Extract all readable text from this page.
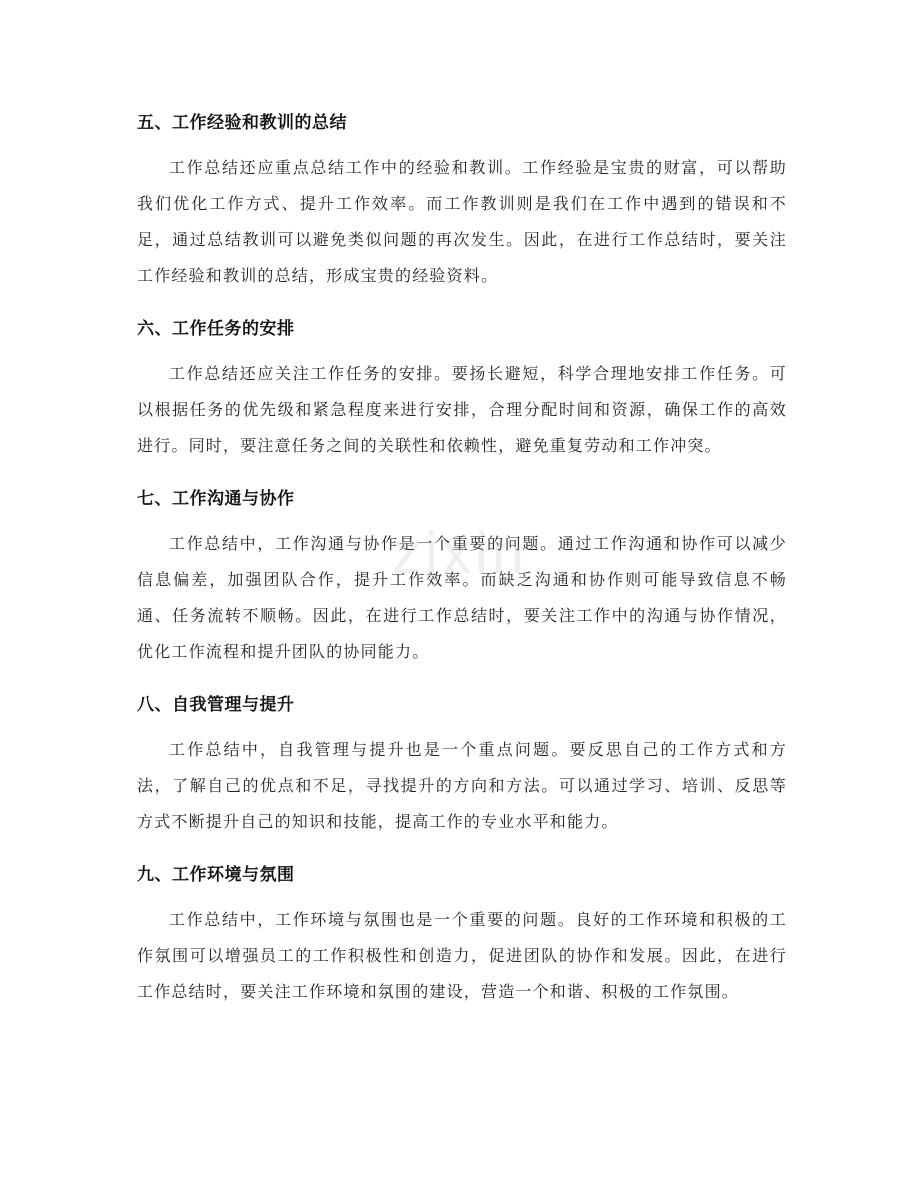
五、工作经验和教训的总结

工作总结还应重点总结工作中的经验和教训。工作经验是宝贵的财富，可以帮助我们优化工作方式、提升工作效率。而工作教训则是我们在工作中遇到的错误和不足，通过总结教训可以避免类似问题的再次发生。因此，在进行工作总结时，要关注工作经验和教训的总结，形成宝贵的经验资料。

六、工作任务的安排

工作总结还应关注工作任务的安排。要扬长避短，科学合理地安排工作任务。可以根据任务的优先级和紧急程度来进行安排，合理分配时间和资源，确保工作的高效进行。同时，要注意任务之间的关联性和依赖性，避免重复劳动和工作冲突。

七、工作沟通与协作

工作总结中，工作沟通与协作是一个重要的问题。通过工作沟通和协作可以减少信息偏差，加强团队合作，提升工作效率。而缺乏沟通和协作则可能导致信息不畅通、任务流转不顺畅。因此，在进行工作总结时，要关注工作中的沟通与协作情况，优化工作流程和提升团队的协同能力。

八、自我管理与提升

工作总结中，自我管理与提升也是一个重点问题。要反思自己的工作方式和方法，了解自己的优点和不足，寻找提升的方向和方法。可以通过学习、培训、反思等方式不断提升自己的知识和技能，提高工作的专业水平和能力。

九、工作环境与氛围

工作总结中，工作环境与氛围也是一个重要的问题。良好的工作环境和积极的工作氛围可以增强员工的工作积极性和创造力，促进团队的协作和发展。因此，在进行工作总结时，要关注工作环境和氛围的建设，营造一个和谐、积极的工作氛围。

zixin
